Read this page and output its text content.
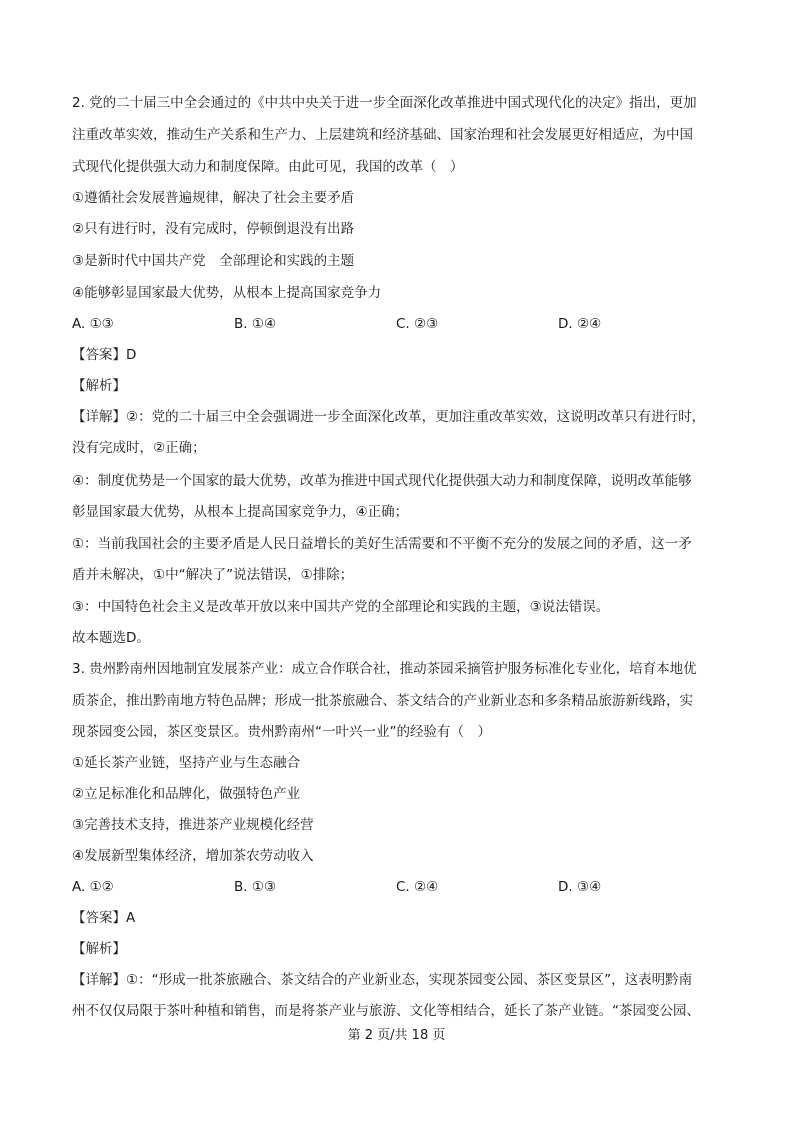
2. 党的二十届三中全会通过的《中共中央关于进一步全面深化改革推进中国式现代化的决定》指出，更加
注重改革实效，推动生产关系和生产力、上层建筑和经济基础、国家治理和社会发展更好相适应，为中国
式现代化提供强大动力和制度保障。由此可见，我国的改革（　）
①遵循社会发展普遍规律，解决了社会主要矛盾
②只有进行时，没有完成时，停顿倒退没有出路
③是新时代中国共产党　全部理论和实践的主题
④能够彰显国家最大优势，从根本上提高国家竞争力
A. ①③	B. ①④	C. ②③	D. ②④
【答案】D
【解析】
【详解】②：党的二十届三中全会强调进一步全面深化改革，更加注重改革实效，这说明改革只有进行时，
没有完成时，②正确；
④：制度优势是一个国家的最大优势，改革为推进中国式现代化提供强大动力和制度保障，说明改革能够
彰显国家最大优势，从根本上提高国家竞争力，④正确；
①：当前我国社会的主要矛盾是人民日益增长的美好生活需要和不平衡不充分的发展之间的矛盾，这一矛
盾并未解决，①中“解决了”说法错误，①排除；
③：中国特色社会主义是改革开放以来中国共产党的全部理论和实践的主题，③说法错误。
故本题选D。
3. 贵州黔南州因地制宜发展茶产业：成立合作联合社，推动茶园采摘管护服务标准化专业化，培育本地优
质茶企，推出黔南地方特色品牌；形成一批茶旅融合、茶文结合的产业新业态和多条精品旅游新线路，实
现茶园变公园，茶区变景区。贵州黔南州“一叶兴一业”的经验有（　）
①延长茶产业链，坚持产业与生态融合
②立足标准化和品牌化，做强特色产业
③完善技术支持，推进茶产业规模化经营
④发展新型集体经济，增加茶农劳动收入
A. ①②	B. ①③	C. ②④	D. ③④
【答案】A
【解析】
【详解】①：“形成一批茶旅融合、茶文结合的产业新业态，实现茶园变公园、茶区变景区”，这表明黔南
州不仅仅局限于茶叶种植和销售，而是将茶产业与旅游、文化等相结合，延长了茶产业链。“茶园变公园、
第 2 页/共 18 页
